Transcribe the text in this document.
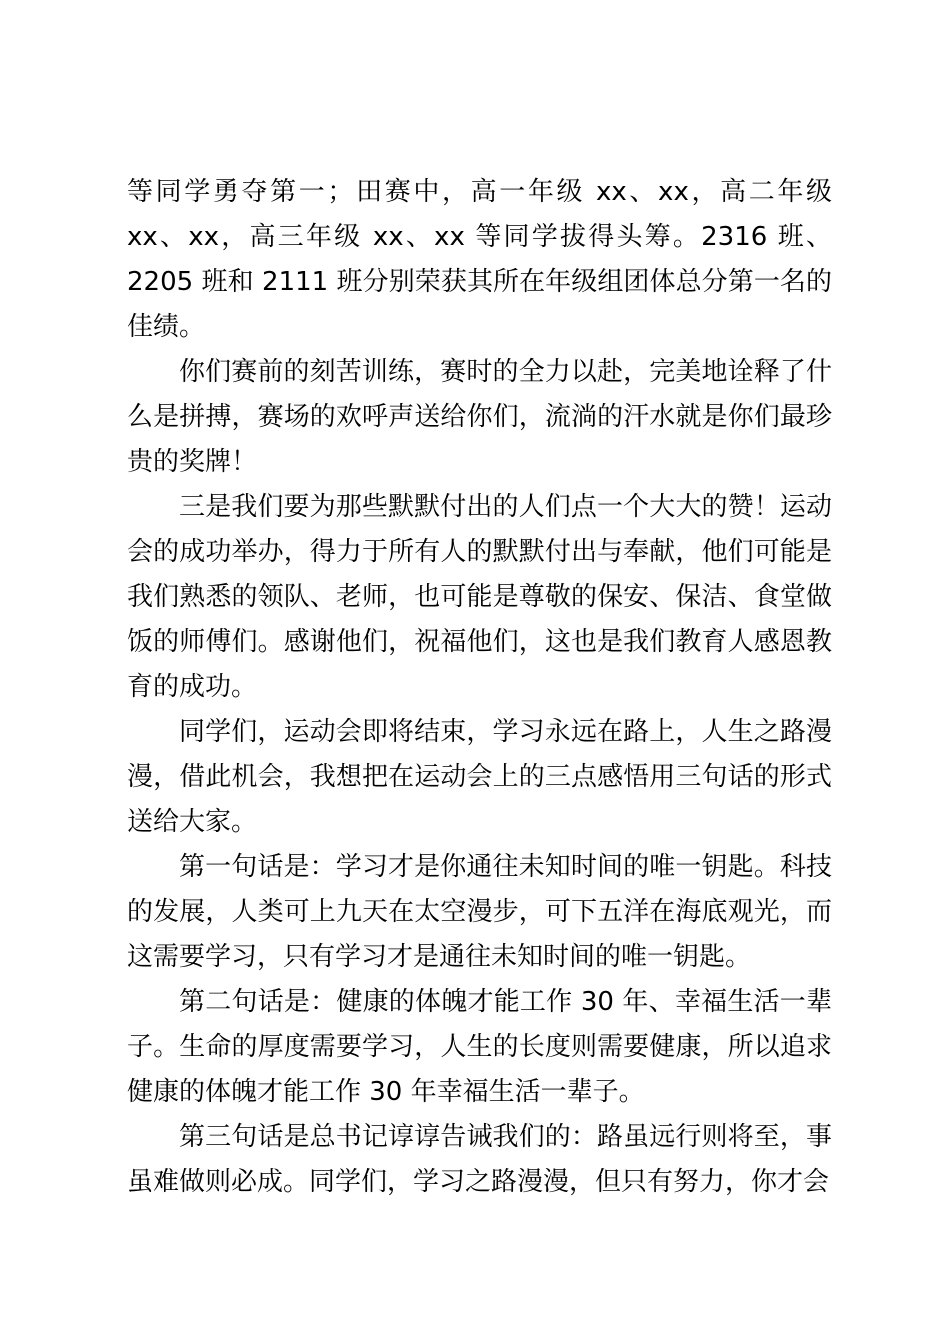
等同学勇夺第一；田赛中，高一年级 xx、xx，高二年级 xx、xx，高三年级 xx、xx 等同学拔得头筹。2316 班、2205 班和 2111 班分别荣获其所在年级组团体总分第一名的佳绩。

你们赛前的刻苦训练，赛时的全力以赴，完美地诠释了什么是拼搏，赛场的欢呼声送给你们，流淌的汗水就是你们最珍贵的奖牌！

三是我们要为那些默默付出的人们点一个大大的赞！运动会的成功举办，得力于所有人的默默付出与奉献，他们可能是我们熟悉的领队、老师，也可能是尊敬的保安、保洁、食堂做饭的师傅们。感谢他们，祝福他们，这也是我们教育人感恩教育的成功。

同学们，运动会即将结束，学习永远在路上，人生之路漫漫，借此机会，我想把在运动会上的三点感悟用三句话的形式送给大家。

第一句话是：学习才是你通往未知时间的唯一钥匙。科技的发展，人类可上九天在太空漫步，可下五洋在海底观光，而这需要学习，只有学习才是通往未知时间的唯一钥匙。

第二句话是：健康的体魄才能工作 30 年、幸福生活一辈子。生命的厚度需要学习，人生的长度则需要健康，所以追求健康的体魄才能工作 30 年幸福生活一辈子。

第三句话是总书记谆谆告诫我们的：路虽远行则将至，事虽难做则必成。同学们，学习之路漫漫，但只有努力，你才会
